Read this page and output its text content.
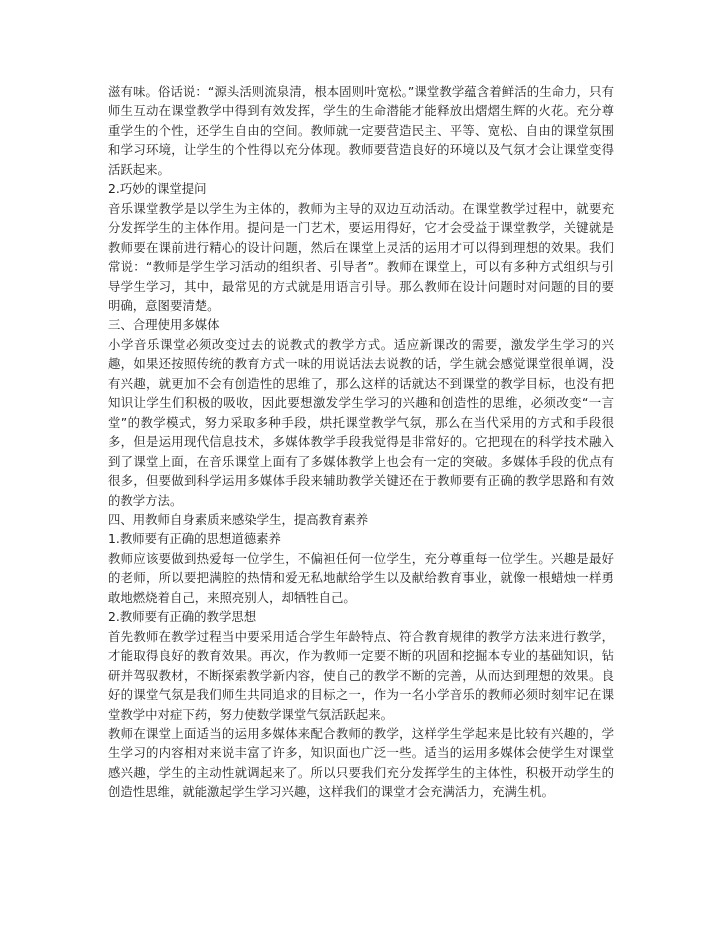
滋有味。俗话说：“源头活则流泉清，根本固则叶宽松。”课堂教学蕴含着鲜活的生命力，只有师生互动在课堂教学中得到有效发挥，学生的生命潜能才能释放出熠熠生辉的火花。充分尊重学生的个性，还学生自由的空间。教师就一定要营造民主、平等、宽松、自由的课堂氛围和学习环境，让学生的个性得以充分体现。教师要营造良好的环境以及气氛才会让课堂变得活跃起来。

2.巧妙的课堂提问

音乐课堂教学是以学生为主体的，教师为主导的双边互动活动。在课堂教学过程中，就要充分发挥学生的主体作用。提问是一门艺术，要运用得好，它才会受益于课堂教学，关键就是教师要在课前进行精心的设计问题，然后在课堂上灵活的运用才可以得到理想的效果。我们常说：“教师是学生学习活动的组织者、引导者”。教师在课堂上，可以有多种方式组织与引导学生学习，其中，最常见的方式就是用语言引导。那么教师在设计问题时对问题的目的要明确，意图要清楚。

三、合理使用多媒体

小学音乐课堂必须改变过去的说教式的教学方式。适应新课改的需要，激发学生学习的兴趣，如果还按照传统的教育方式一味的用说话法去说教的话，学生就会感觉课堂很单调，没有兴趣，就更加不会有创造性的思维了，那么这样的话就达不到课堂的教学目标，也没有把知识让学生们积极的吸收，因此要想激发学生学习的兴趣和创造性的思维，必须改变“一言堂”的教学模式，努力采取多种手段，烘托课堂教学气氛，那么在当代采用的方式和手段很多，但是运用现代信息技术，多媒体教学手段我觉得是非常好的。它把现在的科学技术融入到了课堂上面，在音乐课堂上面有了多媒体教学上也会有一定的突破。多媒体手段的优点有很多，但要做到科学运用多媒体手段来辅助教学关键还在于教师要有正确的教学思路和有效的教学方法。

四、用教师自身素质来感染学生，提高教育素养

1.教师要有正确的思想道德素养

教师应该要做到热爱每一位学生，不偏袒任何一位学生，充分尊重每一位学生。兴趣是最好的老师，所以要把满腔的热情和爱无私地献给学生以及献给教育事业，就像一根蜡烛一样勇敢地燃烧着自己，来照亮别人，却牺牲自己。

2.教师要有正确的教学思想

首先教师在教学过程当中要采用适合学生年龄特点、符合教育规律的教学方法来进行教学，才能取得良好的教育效果。再次，作为教师一定要不断的巩固和挖掘本专业的基础知识，钻研并驾驭教材，不断探索教学新内容，使自己的教学不断的完善，从而达到理想的效果。良好的课堂气氛是我们师生共同追求的目标之一，作为一名小学音乐的教师必须时刻牢记在课堂教学中对症下药，努力使数学课堂气氛活跃起来。

教师在课堂上面适当的运用多媒体来配合教师的教学，这样学生学起来是比较有兴趣的，学生学习的内容相对来说丰富了许多，知识面也广泛一些。适当的运用多媒体会使学生对课堂感兴趣，学生的主动性就调起来了。所以只要我们充分发挥学生的主体性，积极开动学生的创造性思维，就能激起学生学习兴趣，这样我们的课堂才会充满活力，充满生机。
